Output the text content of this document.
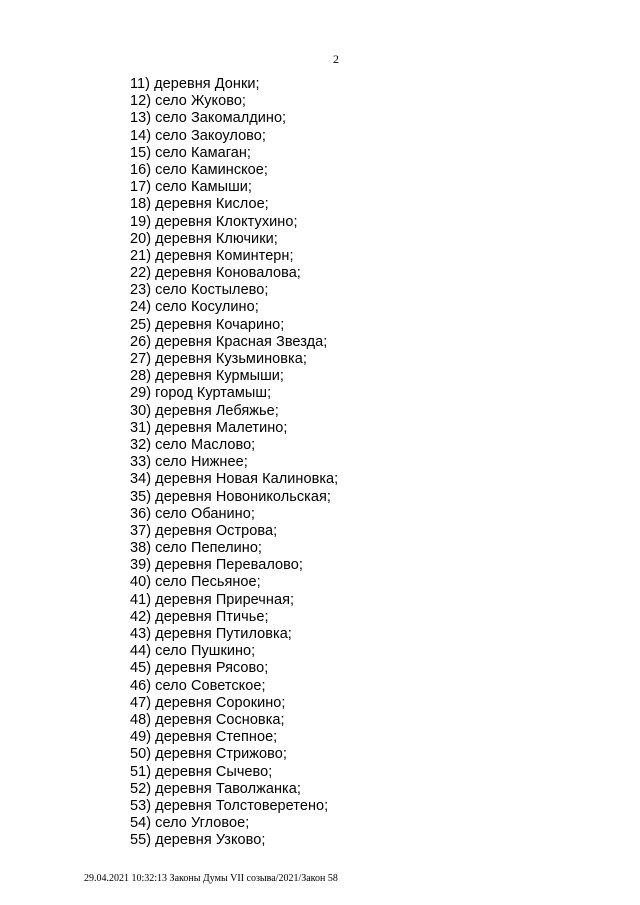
2
11) деревня Донки;
12) село Жуково;
13) село Закомалдино;
14) село Закоулово;
15) село Камаган;
16) село Каминское;
17) село Камыши;
18) деревня Кислое;
19) деревня Клоктухино;
20) деревня Ключики;
21) деревня Коминтерн;
22) деревня Коновалова;
23) село Костылево;
24) село Косулино;
25) деревня Кочарино;
26) деревня Красная Звезда;
27) деревня Кузьминовка;
28) деревня Курмыши;
29) город Куртамыш;
30) деревня Лебяжье;
31) деревня Малетино;
32) село Маслово;
33) село Нижнее;
34) деревня Новая Калиновка;
35) деревня Новоникольская;
36) село Обанино;
37) деревня Острова;
38) село Пепелино;
39) деревня Перевалово;
40) село Песьяное;
41) деревня Приречная;
42) деревня Птичье;
43) деревня Путиловка;
44) село Пушкино;
45) деревня Рясово;
46) село Советское;
47) деревня Сорокино;
48) деревня Сосновка;
49) деревня Степное;
50) деревня Стрижово;
51) деревня Сычево;
52) деревня Таволжанка;
53) деревня Толстоверетено;
54) село Угловое;
55) деревня Узково;
29.04.2021 10:32:13 Законы Думы VII созыва/2021/Закон 58
